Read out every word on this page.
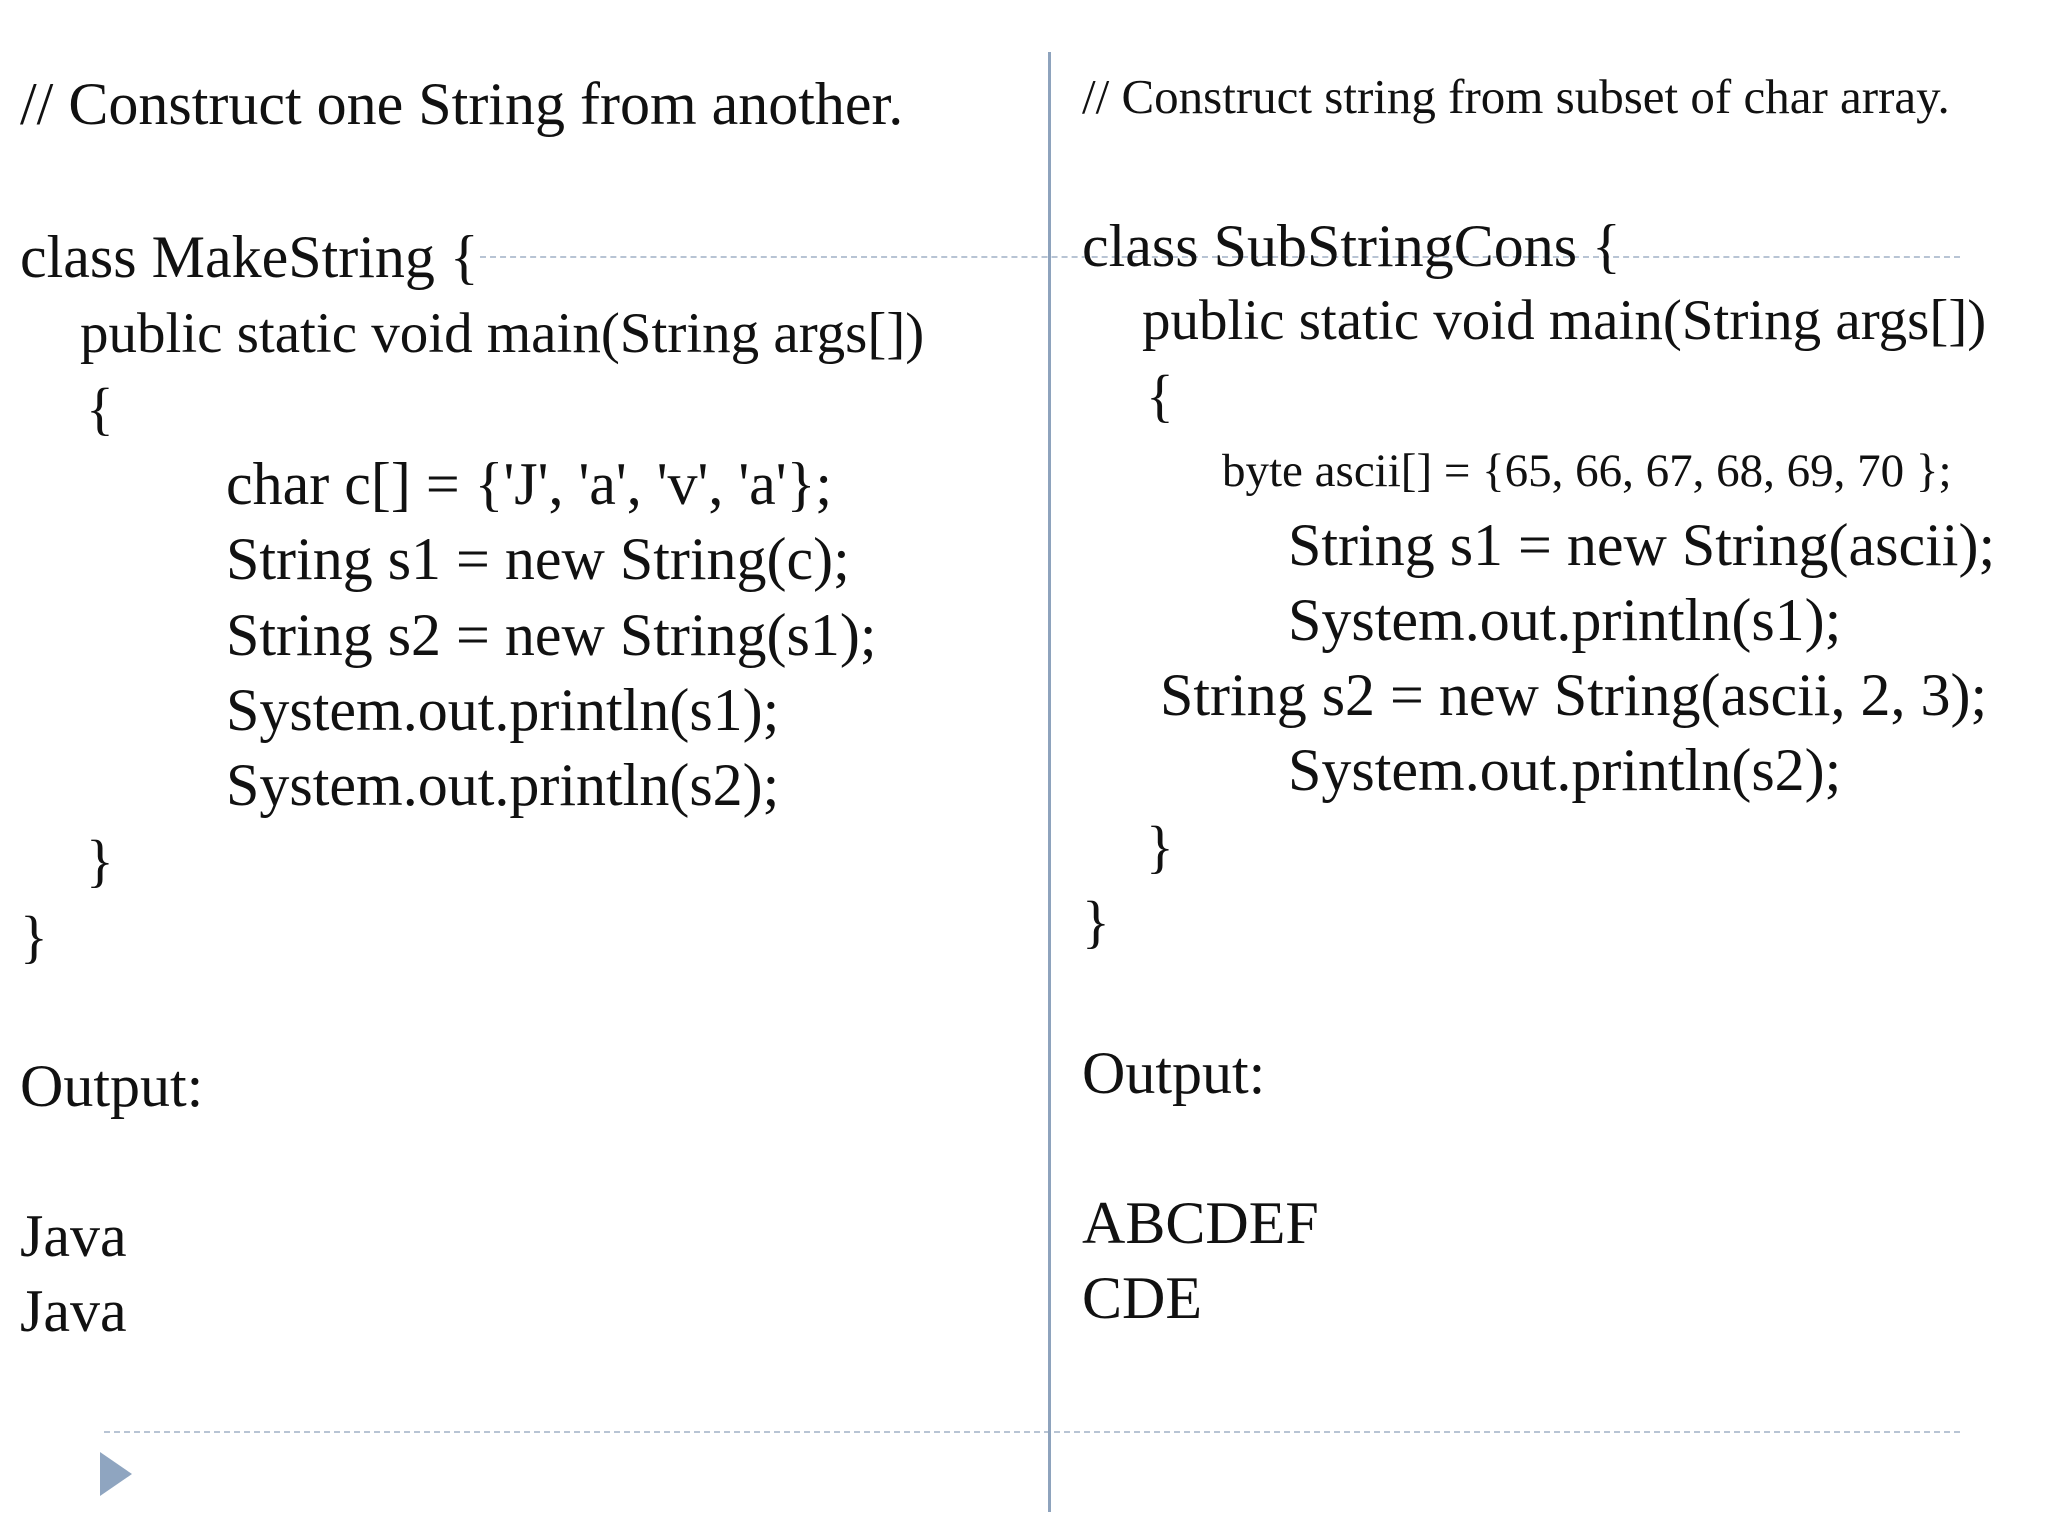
// Construct one String from another.
class MakeString {
public static void main(String args[])
{
char c[] = {'J', 'a', 'v', 'a'};
String s1 = new String(c);
String s2 = new String(s1);
System.out.println(s1);
System.out.println(s2);
}
}
Output:
Java
Java
// Construct string from subset of char array.
class SubStringCons {
public static void main(String args[])
{
byte ascii[] = {65, 66, 67, 68, 69, 70 };
String s1 = new String(ascii);
System.out.println(s1);
String s2 = new String(ascii, 2, 3);
System.out.println(s2);
}
}
Output:
ABCDEF
CDE
